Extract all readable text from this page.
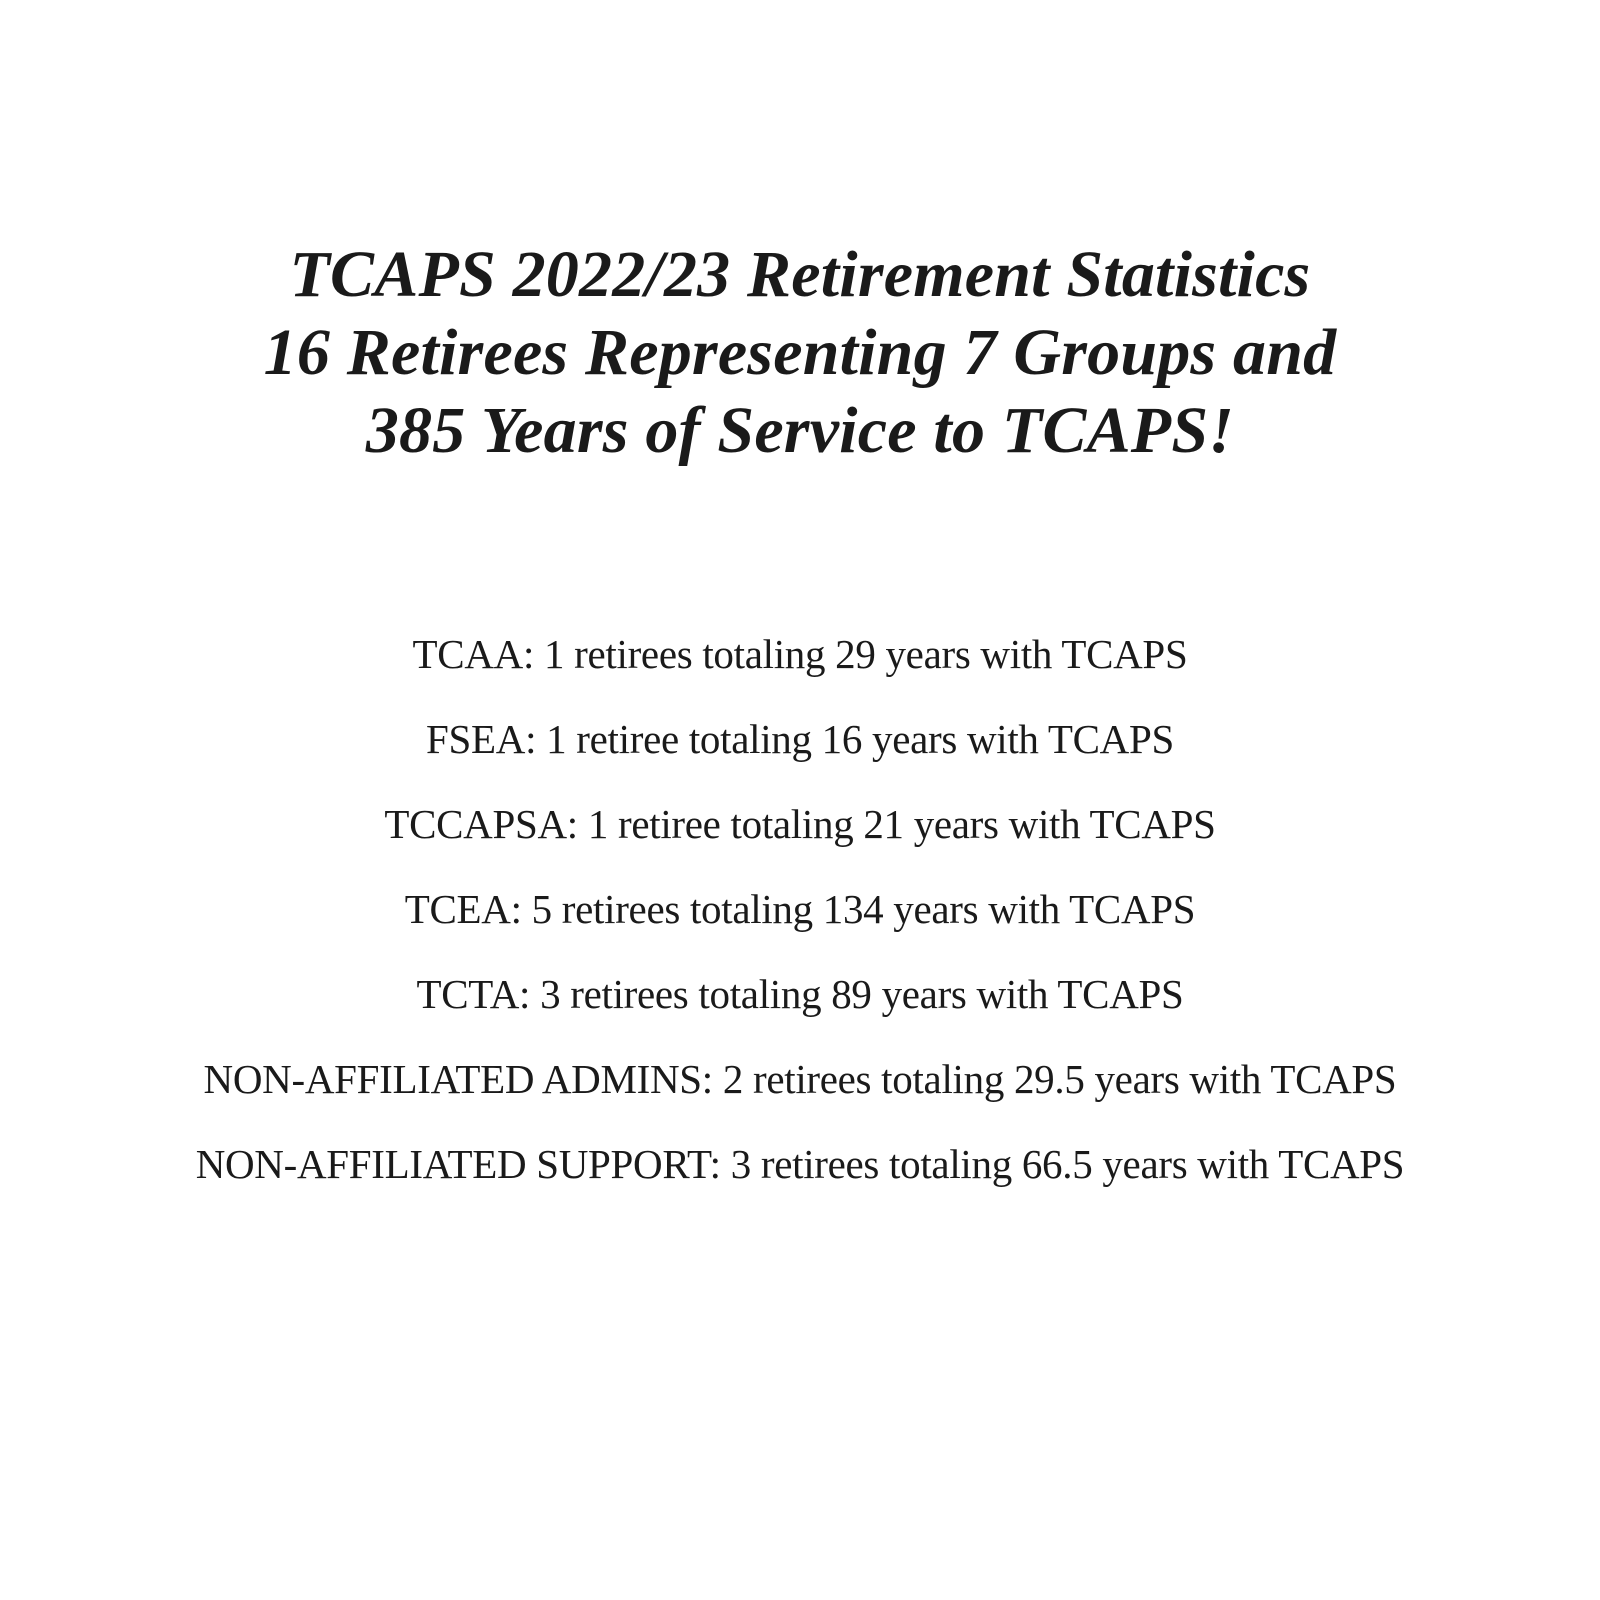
TCAPS 2022/23 Retirement Statistics
16 Retirees Representing 7 Groups and
385 Years of Service to TCAPS!
TCAA: 1 retirees totaling 29 years with TCAPS
FSEA: 1 retiree totaling 16 years with TCAPS
TCCAPSA: 1 retiree totaling 21 years with TCAPS
TCEA: 5 retirees totaling 134 years with TCAPS
TCTA: 3 retirees totaling 89 years with TCAPS
NON-AFFILIATED ADMINS: 2 retirees totaling 29.5 years with TCAPS
NON-AFFILIATED SUPPORT: 3 retirees totaling 66.5 years with TCAPS
